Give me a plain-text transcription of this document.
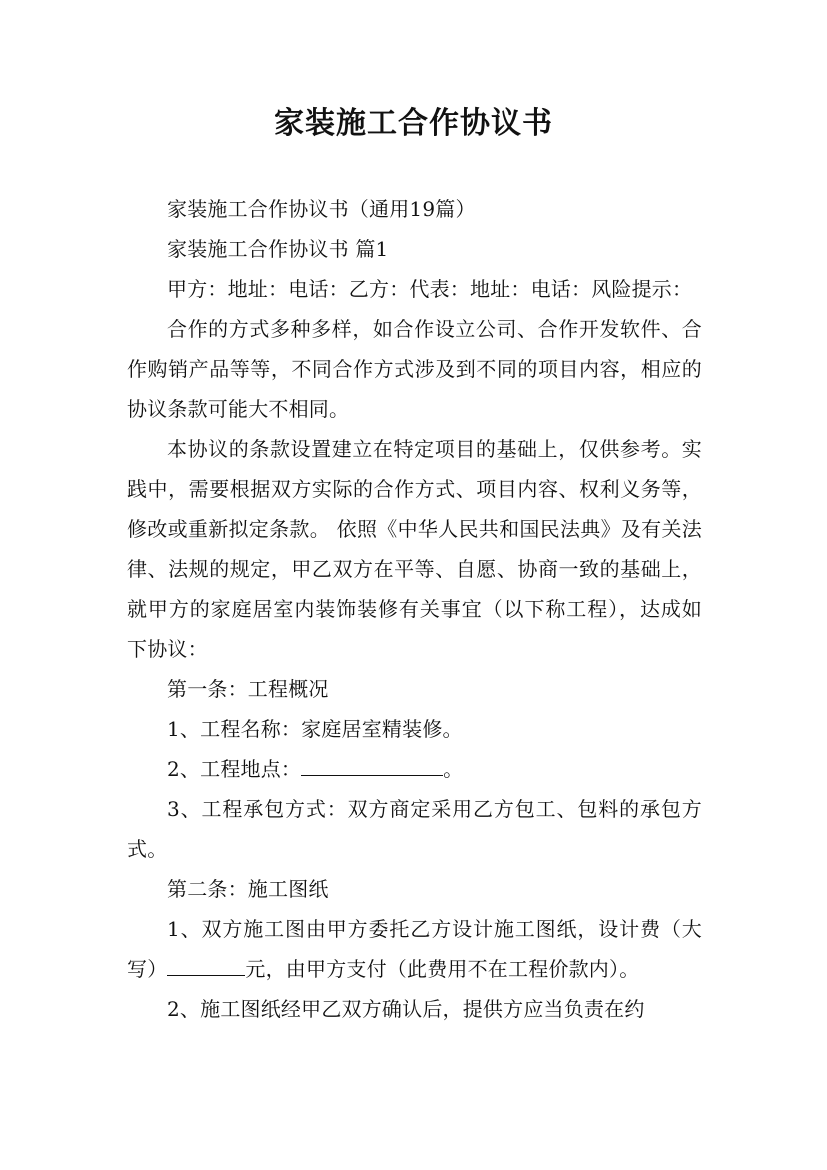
家装施工合作协议书

家装施工合作协议书（通用19篇）

家装施工合作协议书 篇1

甲方：地址：电话：乙方：代表：地址：电话：风险提示：

合作的方式多种多样，如合作设立公司、合作开发软件、合作购销产品等等，不同合作方式涉及到不同的项目内容，相应的协议条款可能大不相同。

本协议的条款设置建立在特定项目的基础上，仅供参考。实践中，需要根据双方实际的合作方式、项目内容、权利义务等，修改或重新拟定条款。 依照《中华人民共和国民法典》及有关法律、法规的规定，甲乙双方在平等、自愿、协商一致的基础上，就甲方的家庭居室内装饰装修有关事宜（以下称工程），达成如下协议：

第一条：工程概况

1、工程名称：家庭居室精装修。

2、工程地点：	。

3、工程承包方式：双方商定采用乙方包工、包料的承包方式。

第二条：施工图纸

1、双方施工图由甲方委托乙方设计施工图纸，设计费（大写）	元，由甲方支付（此费用不在工程价款内）。

2、施工图纸经甲乙双方确认后，提供方应当负责在约
